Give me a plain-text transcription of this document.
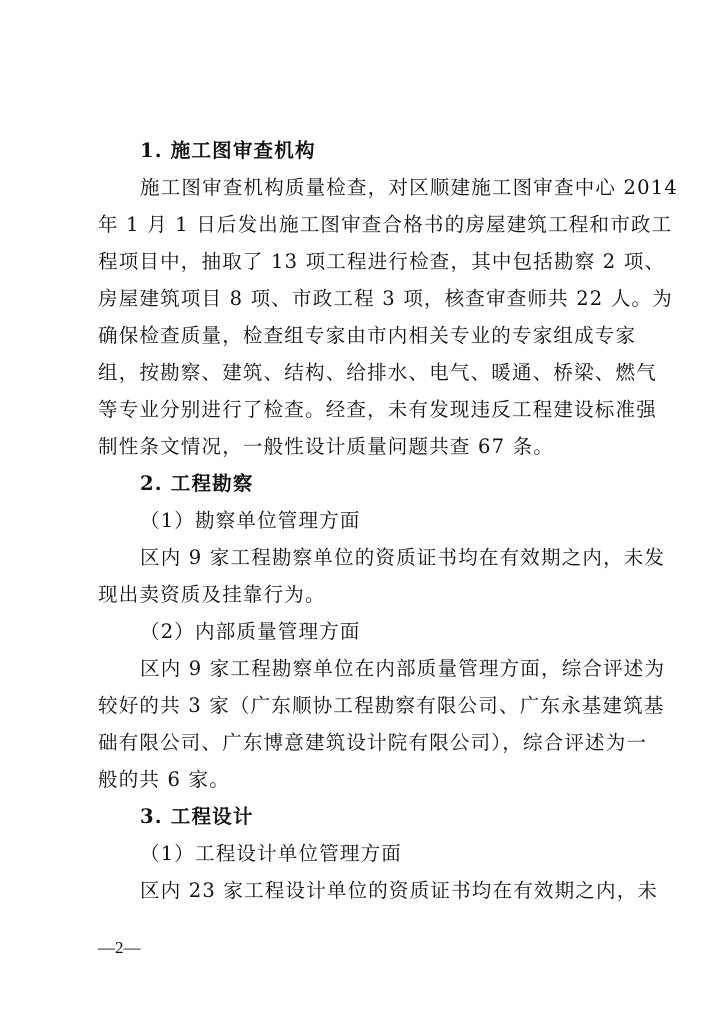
1. 施工图审查机构
施工图审查机构质量检查，对区顺建施工图审查中心 2014
年 1 月 1 日后发出施工图审查合格书的房屋建筑工程和市政工
程项目中，抽取了 13 项工程进行检查，其中包括勘察 2 项、
房屋建筑项目 8 项、市政工程 3 项，核查审查师共 22 人。为
确保检查质量，检查组专家由市内相关专业的专家组成专家
组，按勘察、建筑、结构、给排水、电气、暖通、桥梁、燃气
等专业分别进行了检查。经查，未有发现违反工程建设标准强
制性条文情况，一般性设计质量问题共查 67 条。
2. 工程勘察
（1）勘察单位管理方面
区内 9 家工程勘察单位的资质证书均在有效期之内，未发
现出卖资质及挂靠行为。
（2）内部质量管理方面
区内 9 家工程勘察单位在内部质量管理方面，综合评述为
较好的共 3 家（广东顺协工程勘察有限公司、广东永基建筑基
础有限公司、广东博意建筑设计院有限公司），综合评述为一
般的共 6 家。
3. 工程设计
（1）工程设计单位管理方面
区内 23 家工程设计单位的资质证书均在有效期之内，未
—2—
